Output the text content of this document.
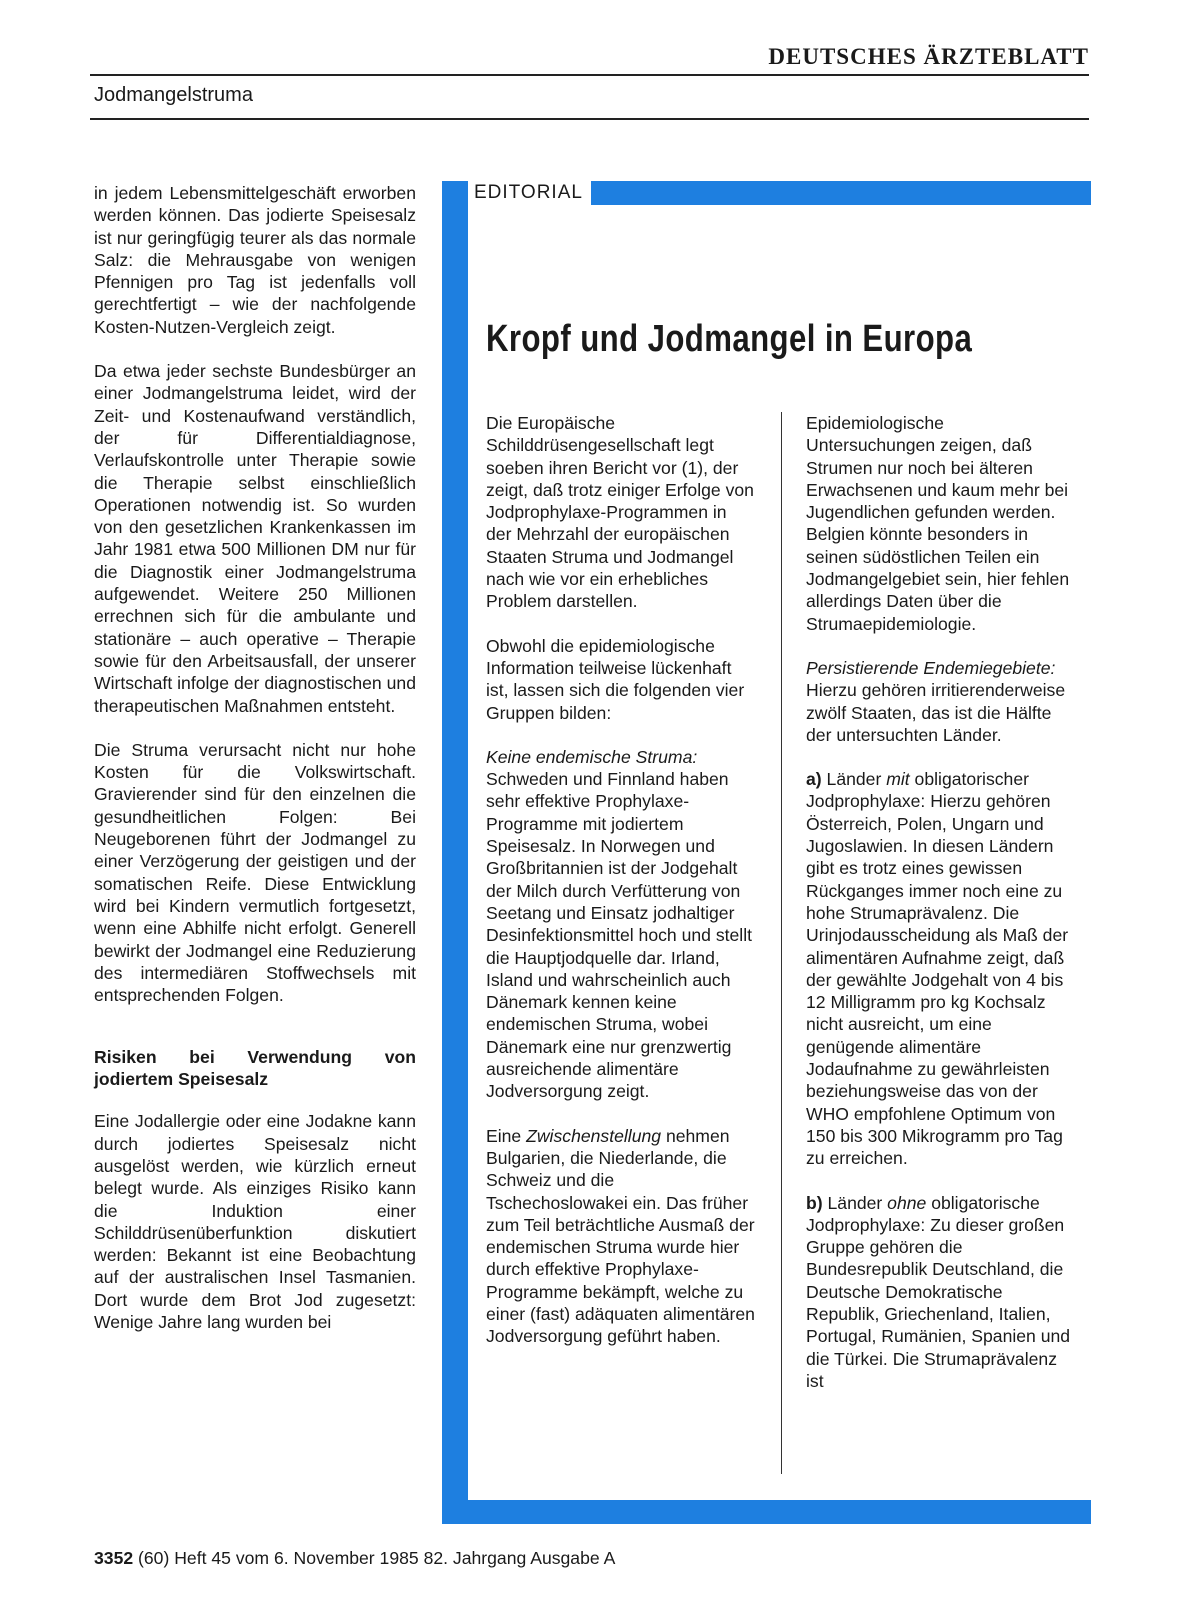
DEUTSCHES ÄRZTEBLATT
Jodmangelstruma

in jedem Lebensmittelgeschäft erworben werden können. Das jodierte Speisesalz ist nur geringfügig teurer als das normale Salz: die Mehrausgabe von wenigen Pfennigen pro Tag ist jedenfalls voll gerechtfertigt – wie der nachfolgende Kosten-Nutzen-Vergleich zeigt.

Da etwa jeder sechste Bundesbürger an einer Jodmangelstruma leidet, wird der Zeit- und Kostenaufwand verständlich, der für Differentialdiagnose, Verlaufskontrolle unter Therapie sowie die Therapie selbst einschließlich Operationen notwendig ist. So wurden von den gesetzlichen Krankenkassen im Jahr 1981 etwa 500 Millionen DM nur für die Diagnostik einer Jodmangelstruma aufgewendet. Weitere 250 Millionen errechnen sich für die ambulante und stationäre – auch operative – Therapie sowie für den Arbeitsausfall, der unserer Wirtschaft infolge der diagnostischen und therapeutischen Maßnahmen entsteht.

Die Struma verursacht nicht nur hohe Kosten für die Volkswirtschaft. Gravierender sind für den einzelnen die gesundheitlichen Folgen: Bei Neugeborenen führt der Jodmangel zu einer Verzögerung der geistigen und der somatischen Reife. Diese Entwicklung wird bei Kindern vermutlich fortgesetzt, wenn eine Abhilfe nicht erfolgt. Generell bewirkt der Jodmangel eine Reduzierung des intermediären Stoffwechsels mit entsprechenden Folgen.

Risiken bei Verwendung von jodiertem Speisesalz

Eine Jodallergie oder eine Jodakne kann durch jodiertes Speisesalz nicht ausgelöst werden, wie kürzlich erneut belegt wurde. Als einziges Risiko kann die Induktion einer Schilddrüsenüberfunktion diskutiert werden: Bekannt ist eine Beobachtung auf der australischen Insel Tasmanien. Dort wurde dem Brot Jod zugesetzt: Wenige Jahre lang wurden bei

EDITORIAL
Kropf und Jodmangel in Europa

Die Europäische Schilddrüsengesellschaft legt soeben ihren Bericht vor (1), der zeigt, daß trotz einiger Erfolge von Jodprophylaxe-Programmen in der Mehrzahl der europäischen Staaten Struma und Jodmangel nach wie vor ein erhebliches Problem darstellen.

Obwohl die epidemiologische Information teilweise lückenhaft ist, lassen sich die folgenden vier Gruppen bilden:

Keine endemische Struma: Schweden und Finnland haben sehr effektive Prophylaxe-Programme mit jodiertem Speisesalz. In Norwegen und Großbritannien ist der Jodgehalt der Milch durch Verfütterung von Seetang und Einsatz jodhaltiger Desinfektionsmittel hoch und stellt die Hauptjodquelle dar. Irland, Island und wahrscheinlich auch Dänemark kennen keine endemischen Struma, wobei Dänemark eine nur grenzwertig ausreichende alimentäre Jodversorgung zeigt.

Eine Zwischenstellung nehmen Bulgarien, die Niederlande, die Schweiz und die Tschechoslowakei ein. Das früher zum Teil beträchtliche Ausmaß der endemischen Struma wurde hier durch effektive Prophylaxe-Programme bekämpft, welche zu einer (fast) adäquaten alimentären Jodversorgung geführt haben.

Epidemiologische Untersuchungen zeigen, daß Strumen nur noch bei älteren Erwachsenen und kaum mehr bei Jugendlichen gefunden werden. Belgien könnte besonders in seinen südöstlichen Teilen ein Jodmangelgebiet sein, hier fehlen allerdings Daten über die Strumaepidemiologie.

Persistierende Endemiegebiete: Hierzu gehören irritierenderweise zwölf Staaten, das ist die Hälfte der untersuchten Länder.

a) Länder mit obligatorischer Jodprophylaxe: Hierzu gehören Österreich, Polen, Ungarn und Jugoslawien. In diesen Ländern gibt es trotz eines gewissen Rückganges immer noch eine zu hohe Strumaprävalenz. Die Urinjodausscheidung als Maß der alimentären Aufnahme zeigt, daß der gewählte Jodgehalt von 4 bis 12 Milligramm pro kg Kochsalz nicht ausreicht, um eine genügende alimentäre Jodaufnahme zu gewährleisten beziehungsweise das von der WHO empfohlene Optimum von 150 bis 300 Mikrogramm pro Tag zu erreichen.

b) Länder ohne obligatorische Jodprophylaxe: Zu dieser großen Gruppe gehören die Bundesrepublik Deutschland, die Deutsche Demokratische Republik, Griechenland, Italien, Portugal, Rumänien, Spanien und die Türkei. Die Strumaprävalenz ist

3352 (60) Heft 45 vom 6. November 1985 82. Jahrgang Ausgabe A
